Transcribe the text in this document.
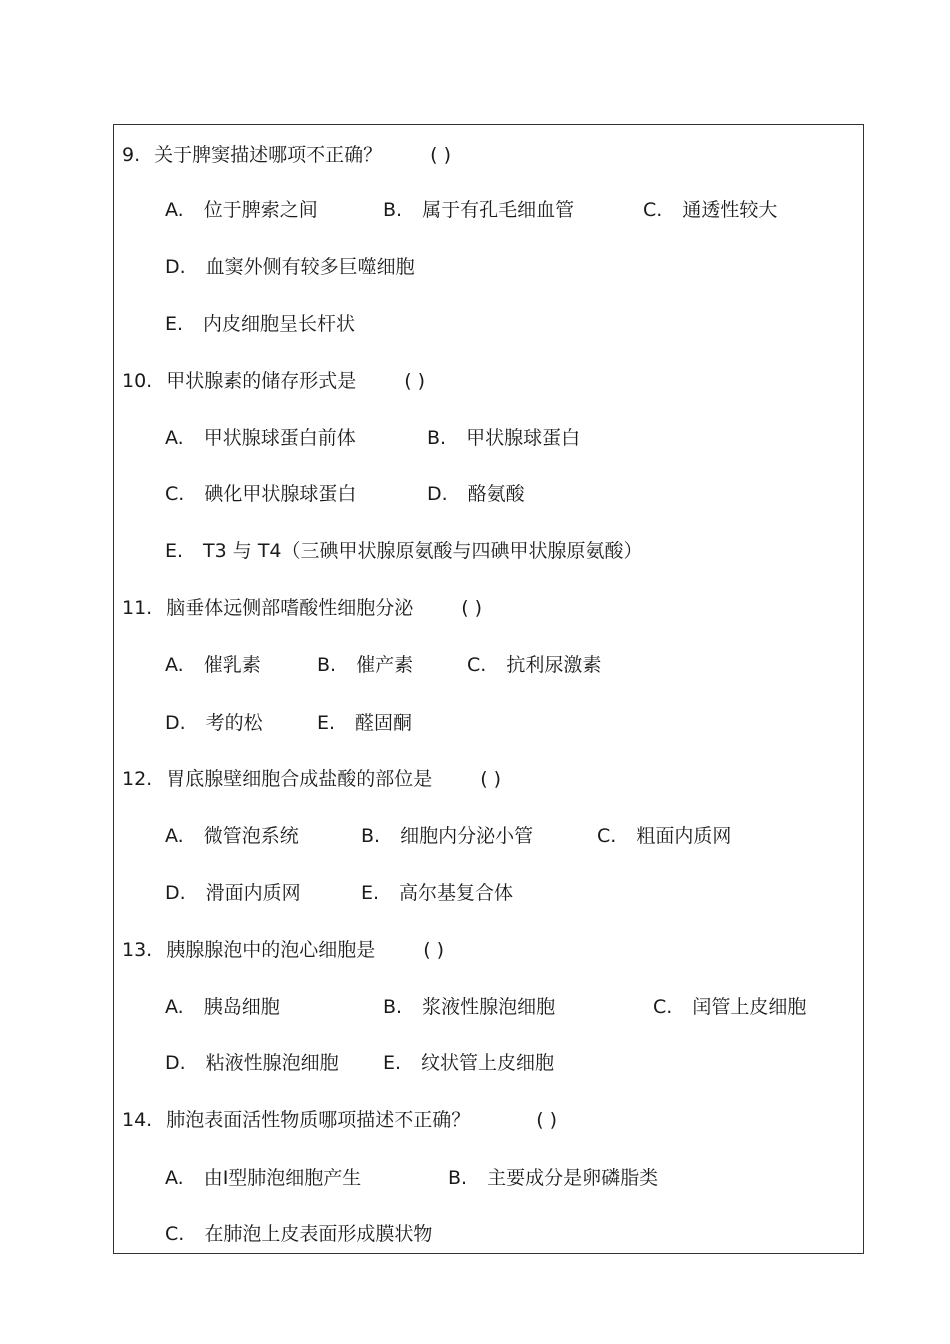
9. 关于脾窦描述哪项不正确？	( )
A. 位于脾索之间	B. 属于有孔毛细血管	C. 通透性较大
D. 血窦外侧有较多巨噬细胞
E. 内皮细胞呈长杆状
10. 甲状腺素的储存形式是	( )
A. 甲状腺球蛋白前体	B. 甲状腺球蛋白
C. 碘化甲状腺球蛋白	D. 酪氨酸
E. T3 与 T4（三碘甲状腺原氨酸与四碘甲状腺原氨酸）
11. 脑垂体远侧部嗜酸性细胞分泌	( )
A. 催乳素	B. 催产素	C. 抗利尿激素
D. 考的松	E. 醛固酮
12. 胃底腺壁细胞合成盐酸的部位是	( )
A. 微管泡系统	B. 细胞内分泌小管	C. 粗面内质网
D. 滑面内质网	E. 高尔基复合体
13. 胰腺腺泡中的泡心细胞是	( )
A. 胰岛细胞	B. 浆液性腺泡细胞	C. 闰管上皮细胞
D. 粘液性腺泡细胞 E. 纹状管上皮细胞
14. 肺泡表面活性物质哪项描述不正确？	( )
A. 由Ⅰ型肺泡细胞产生	B. 主要成分是卵磷脂类
C. 在肺泡上皮表面形成膜状物
